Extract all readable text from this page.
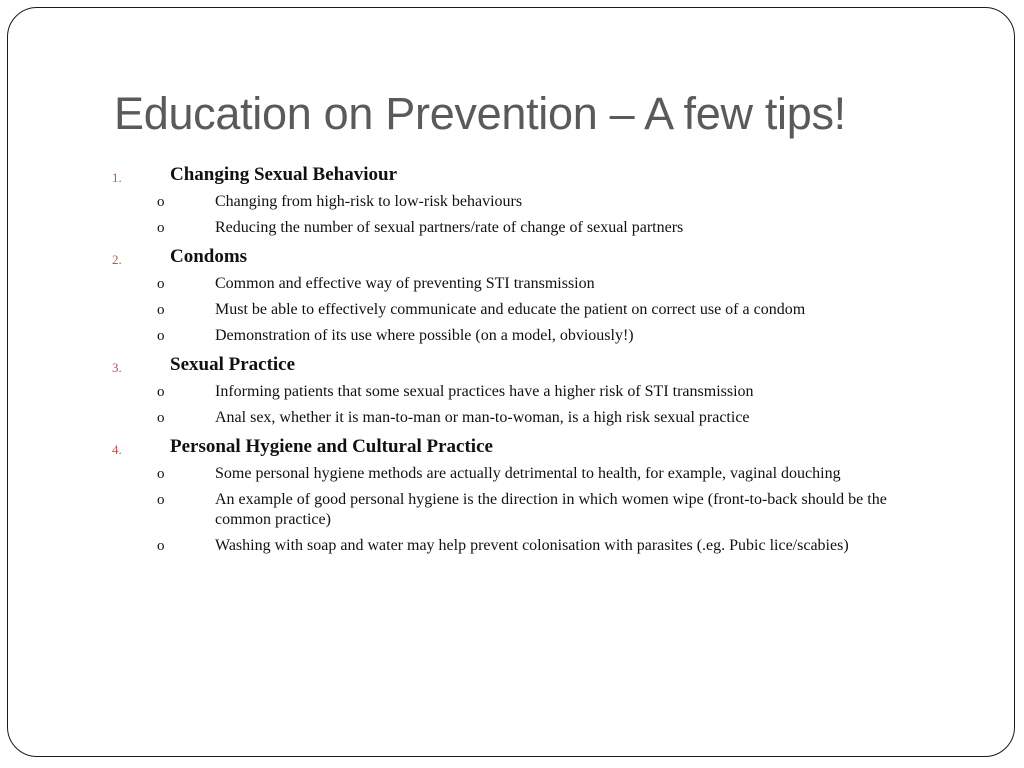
Education on Prevention – A few tips!
1.	Changing Sexual Behaviour
o	Changing from high-risk to low-risk behaviours
o	Reducing the number of sexual partners/rate of change of sexual partners
2.	Condoms
o	Common and effective way of preventing STI transmission
o	Must be able to effectively communicate and educate the patient on correct use of a condom
o	Demonstration of its use where possible (on a model, obviously!)
3.	Sexual Practice
o	Informing patients that some sexual practices have a higher risk of STI transmission
o	Anal sex, whether it is man-to-man or man-to-woman, is a high risk sexual practice
4.	Personal Hygiene and Cultural Practice
o	Some personal hygiene methods are actually detrimental to health, for example, vaginal douching
o	An example of good personal hygiene is the direction in which women wipe (front-to-back should be the common practice)
o	Washing with soap and water may help prevent colonisation with parasites (.eg. Pubic lice/scabies)
